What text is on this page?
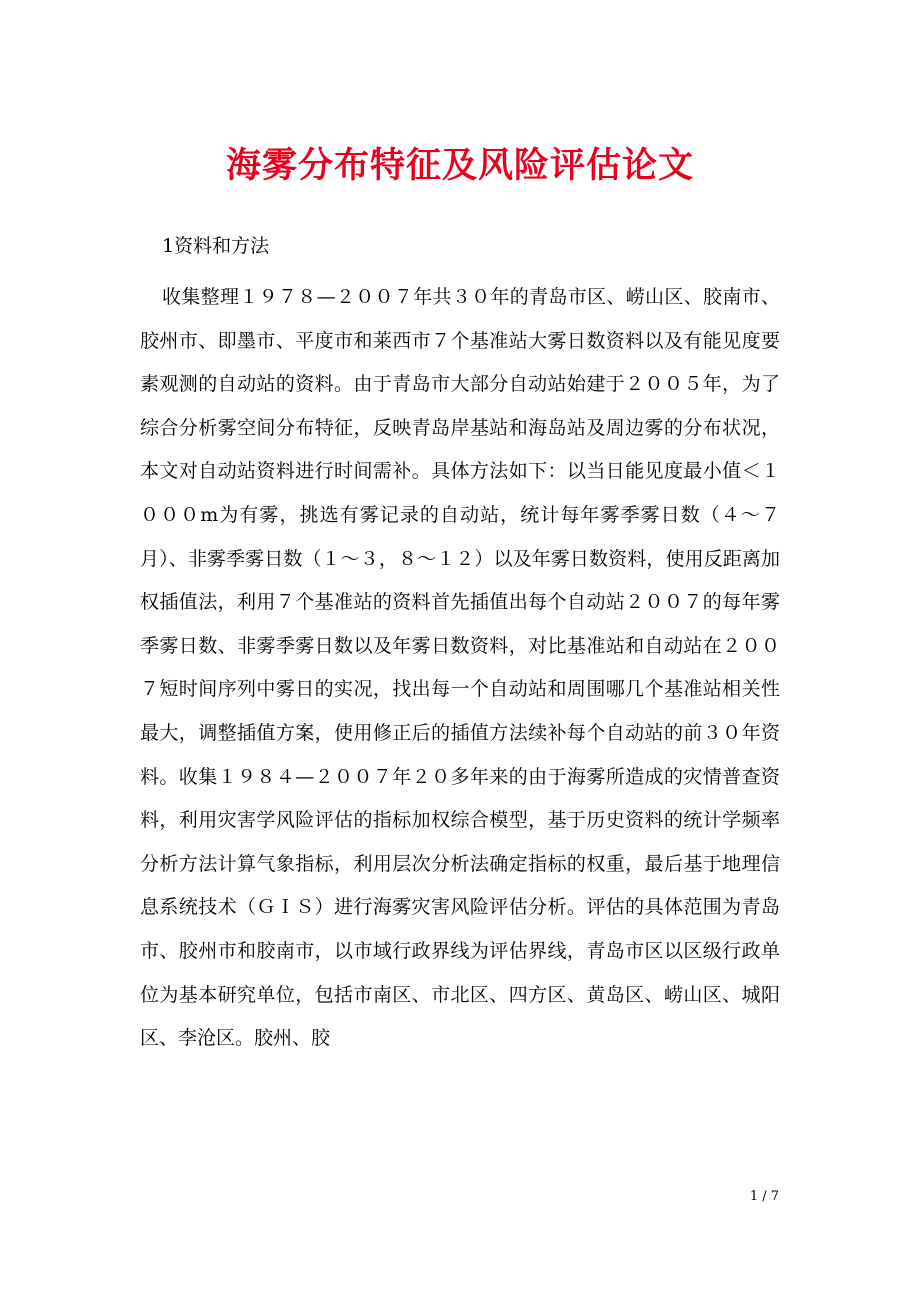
海雾分布特征及风险评估论文

1资料和方法

收集整理１９７８—２００７年共３０年的青岛市区、崂山区、胶南市、胶州市、即墨市、平度市和莱西市７个基准站大雾日数资料以及有能见度要素观测的自动站的资料。由于青岛市大部分自动站始建于２００５年，为了综合分析雾空间分布特征，反映青岛岸基站和海岛站及周边雾的分布状况，本文对自动站资料进行时间需补。具体方法如下：以当日能见度最小值＜１０００m为有雾，挑选有雾记录的自动站，统计每年雾季雾日数（４～７月）、非雾季雾日数（１～３，８～１２）以及年雾日数资料，使用反距离加权插值法，利用７个基准站的资料首先插值出每个自动站２００７的每年雾季雾日数、非雾季雾日数以及年雾日数资料，对比基准站和自动站在２００７短时间序列中雾日的实况，找出每一个自动站和周围哪几个基准站相关性最大，调整插值方案，使用修正后的插值方法续补每个自动站的前３０年资料。收集１９８４—２００７年２０多年来的由于海雾所造成的灾情普查资料，利用灾害学风险评估的指标加权综合模型，基于历史资料的统计学频率分析方法计算气象指标，利用层次分析法确定指标的权重，最后基于地理信息系统技术（ＧＩＳ）进行海雾灾害风险评估分析。评估的具体范围为青岛市、胶州市和胶南市，以市域行政界线为评估界线，青岛市区以区级行政单位为基本研究单位，包括市南区、市北区、四方区、黄岛区、崂山区、城阳区、李沧区。胶州、胶

1 / 7
